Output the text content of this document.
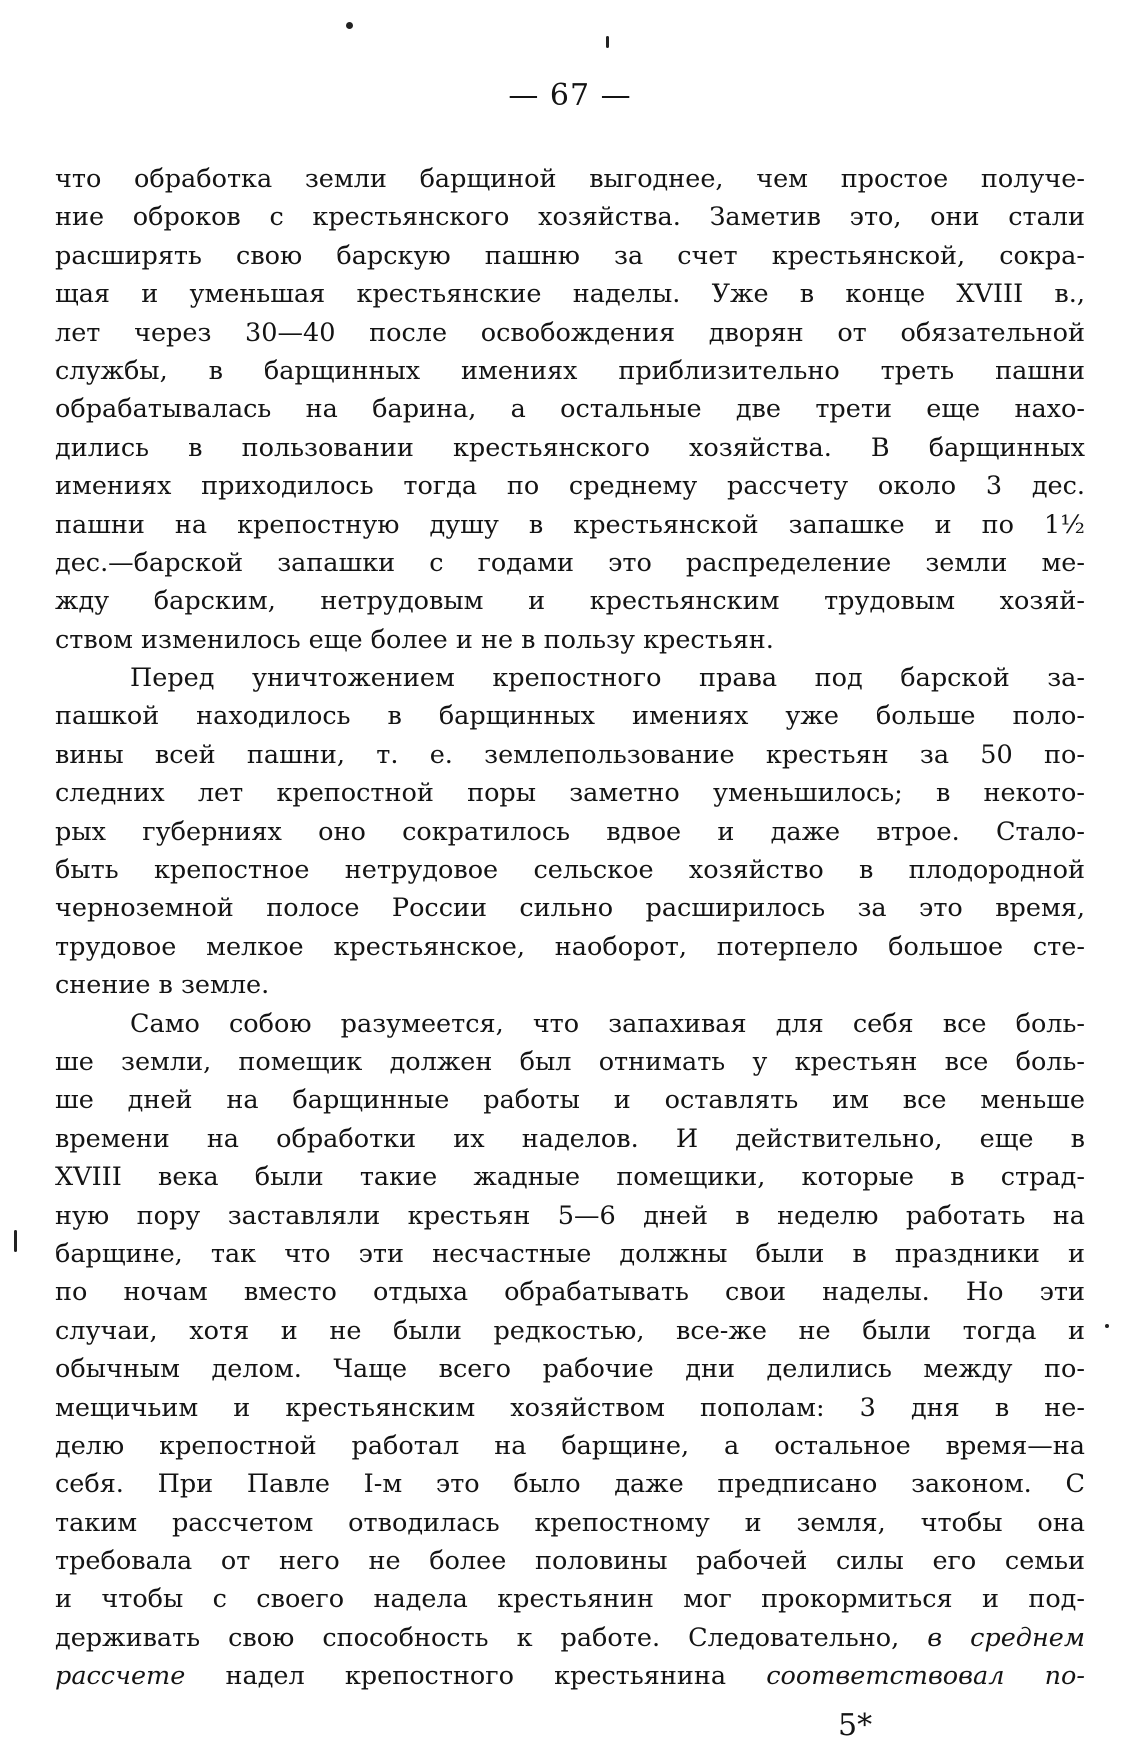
— 67 —
что обработка земли барщиной выгоднее, чем простое получе-
ние оброков с крестьянского хозяйства. Заметив это, они стали
расширять свою барскую пашню за счет крестьянской, сокра-
щая и уменьшая крестьянские наделы. Уже в конце XVIII в.,
лет через 30—40 после освобождения дворян от обязательной
службы, в барщинных имениях приблизительно треть пашни
обрабатывалась на барина, а остальные две трети еще нахо-
дились в пользовании крестьянского хозяйства. В барщинных
имениях приходилось тогда по среднему рассчету около 3 дес.
пашни на крепостную душу в крестьянской запашке и по 1½
дес.—барской запашки с годами это распределение земли ме-
жду барским, нетрудовым и крестьянским трудовым хозяй-
ством изменилось еще более и не в пользу крестьян.
Перед уничтожением крепостного права под барской за-
пашкой находилось в барщинных имениях уже больше поло-
вины всей пашни, т. е. землепользование крестьян за 50 по-
следних лет крепостной поры заметно уменьшилось; в некото-
рых губерниях оно сократилось вдвое и даже втрое. Стало-
быть крепостное нетрудовое сельское хозяйство в плодородной
черноземной полосе России сильно расширилось за это время,
трудовое мелкое крестьянское, наоборот, потерпело большое сте-
снение в земле.
Само собою разумеется, что запахивая для себя все боль-
ше земли, помещик должен был отнимать у крестьян все боль-
ше дней на барщинные работы и оставлять им все меньше
времени на обработки их наделов. И действительно, еще в
XVIII века были такие жадные помещики, которые в страд-
ную пору заставляли крестьян 5—6 дней в неделю работать на
барщине, так что эти несчастные должны были в праздники и
по ночам вместо отдыха обрабатывать свои наделы. Но эти
случаи, хотя и не были редкостью, все-же не были тогда и
обычным делом. Чаще всего рабочие дни делились между по-
мещичьим и крестьянским хозяйством пополам: 3 дня в не-
делю крепостной работал на барщине, а остальное время—на
себя. При Павле I-м это было даже предписано законом. С
таким рассчетом отводилась крепостному и земля, чтобы она
требовала от него не более половины рабочей силы его семьи
и чтобы с своего надела крестьянин мог прокормиться и под-
держивать свою способность к работе. Следовательно, в среднем
рассчете надел крепостного крестьянина соответствовал по-
5*
